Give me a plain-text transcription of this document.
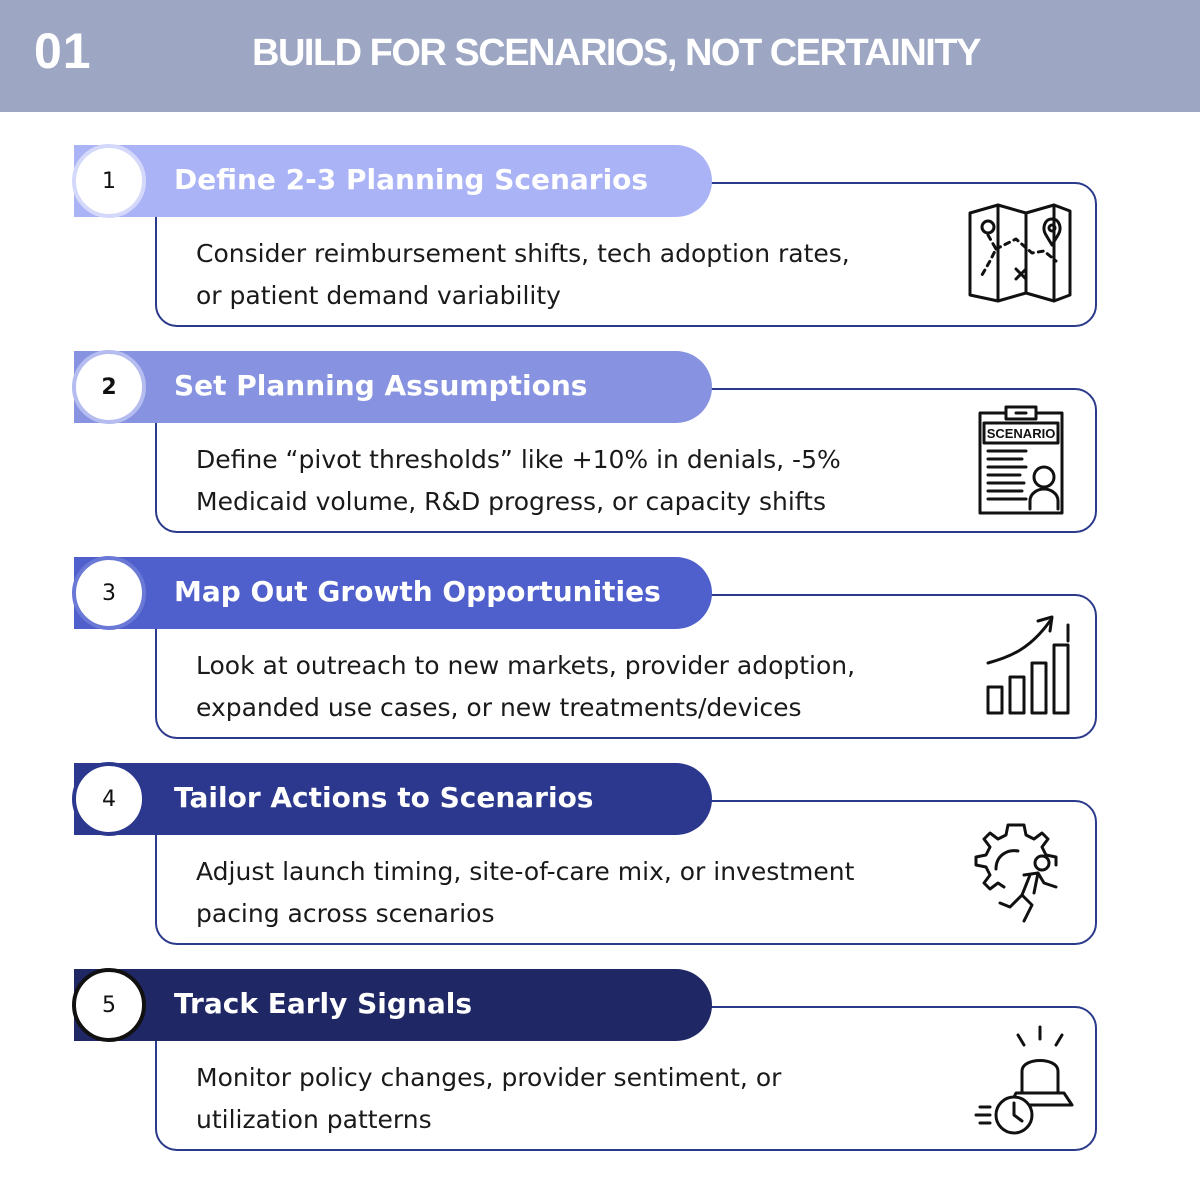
01	BUILD FOR SCENARIOS, NOT CERTAINITY
1 Define 2-3 Planning Scenarios
Consider reimbursement shifts, tech adoption rates,
or patient demand variability
2 Set Planning Assumptions
Define “pivot thresholds” like +10% in denials, -5%
Medicaid volume, R&D progress, or capacity shifts
SCENARIO
3 Map Out Growth Opportunities
Look at outreach to new markets, provider adoption,
expanded use cases, or new treatments/devices
4 Tailor Actions to Scenarios
Adjust launch timing, site-of-care mix, or investment
pacing across scenarios
5 Track Early Signals
Monitor policy changes, provider sentiment, or
utilization patterns
